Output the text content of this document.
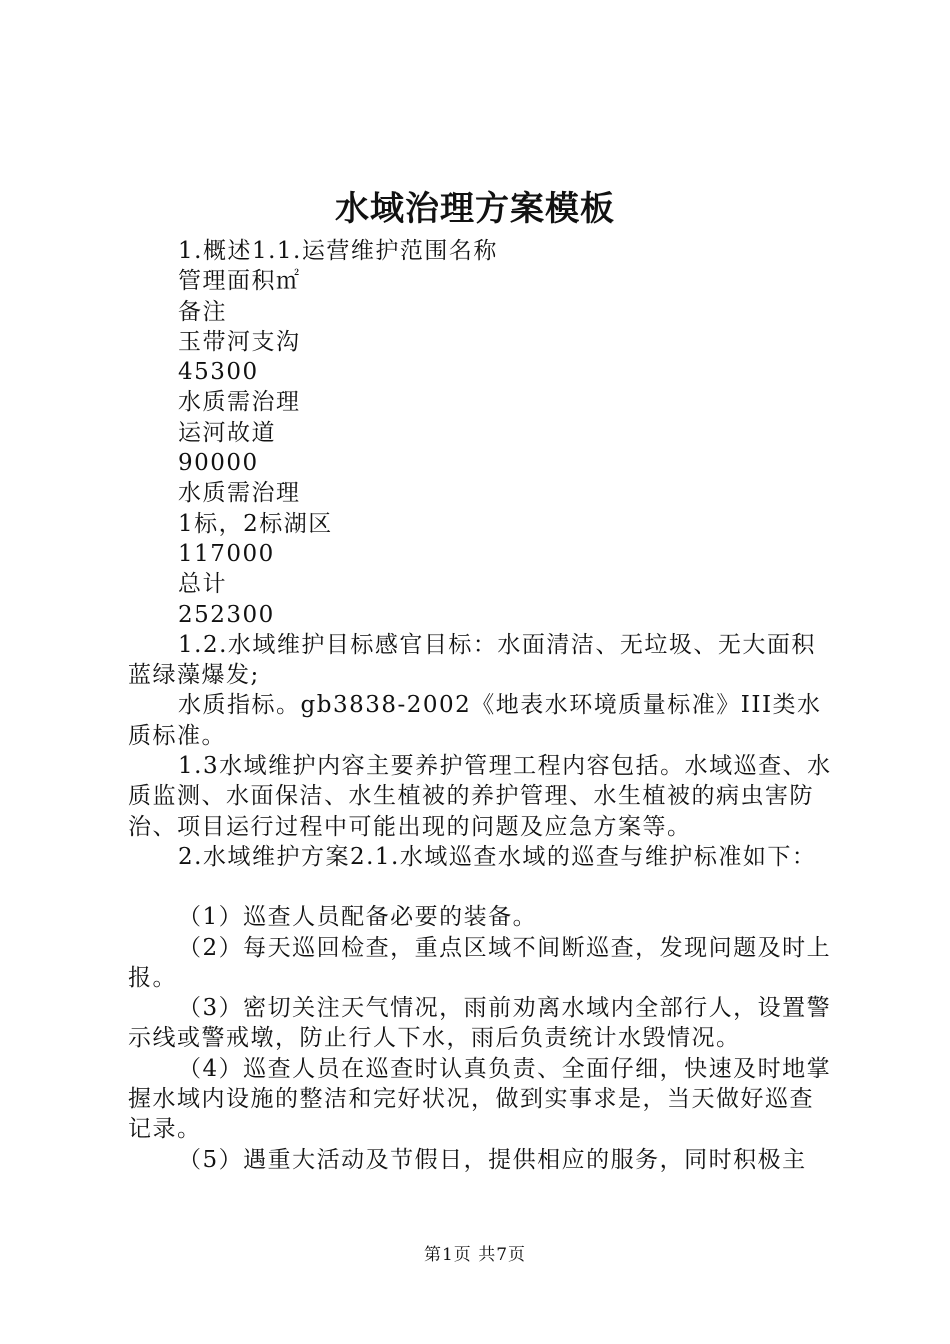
水域治理方案模板

1.概述1.1.运营维护范围名称

管理面积㎡

备注

玉带河支沟

45300

水质需治理

运河故道

90000

水质需治理

1标，2标湖区

117000

总计

252300

1.2.水域维护目标感官目标：水面清洁、无垃圾、无大面积蓝绿藻爆发;

水质指标。gb3838-2002《地表水环境质量标准》III类水质标准。

1.3水域维护内容主要养护管理工程内容包括。水域巡查、水质监测、水面保洁、水生植被的养护管理、水生植被的病虫害防治、项目运行过程中可能出现的问题及应急方案等。

2.水域维护方案2.1.水域巡查水域的巡查与维护标准如下：

（1）巡查人员配备必要的装备。

（2）每天巡回检查，重点区域不间断巡查，发现问题及时上报。

（3）密切关注天气情况，雨前劝离水域内全部行人，设置警示线或警戒墩，防止行人下水，雨后负责统计水毁情况。

（4）巡查人员在巡查时认真负责、全面仔细，快速及时地掌握水域内设施的整洁和完好状况，做到实事求是，当天做好巡查记录。

（5）遇重大活动及节假日，提供相应的服务，同时积极主

第1页 共7页
